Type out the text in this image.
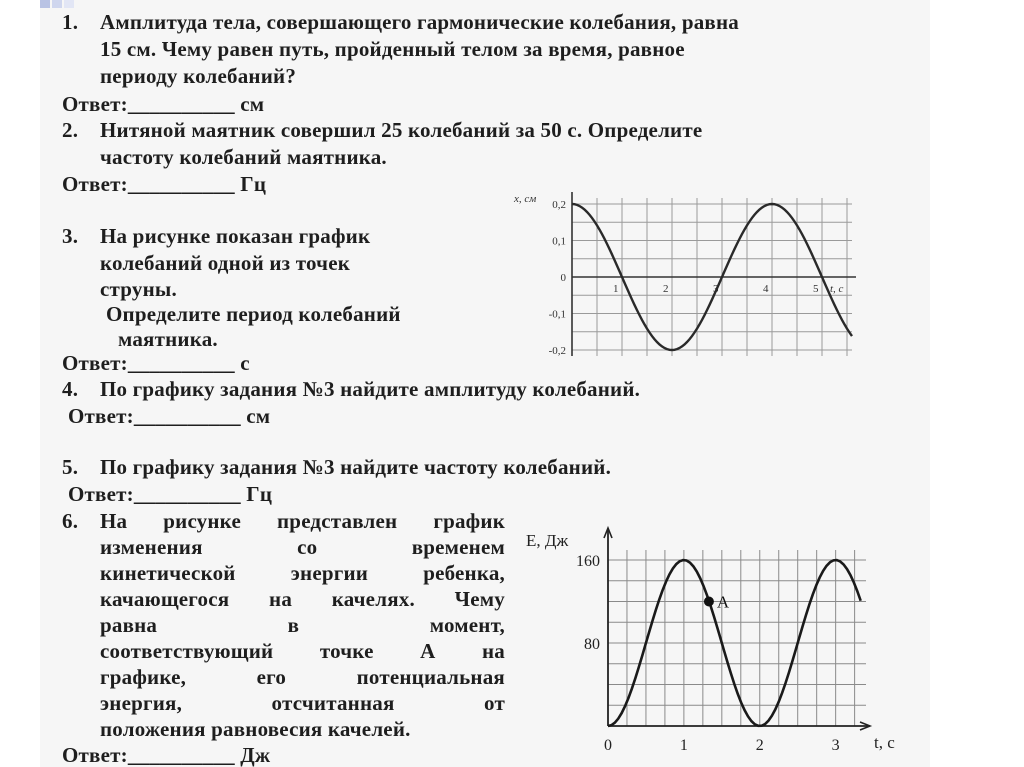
1. Амплитуда тела, совершающего гармонические колебания, равна
15 см. Чему равен путь, пройденный телом за время, равное
периоду колебаний?
Ответ:__________ см
2. Нитяной маятник совершил 25 колебаний за 50 с. Определите
частоту колебаний маятника.
Ответ:__________ Гц
3. На рисунке показан график
колебаний одной из точек
струны.
Определите период колебаний
маятника.
Ответ:__________ с
x, см
t, с
0,2
0,1
0
-0,1
-0,2
1	2	3	4	5
4. По графику задания №3 найдите амплитуду колебаний.
Ответ:__________ см
5. По графику задания №3 найдите частоту колебаний.
Ответ:__________ Гц
6. На рисунке представлен график
изменения со временем
кинетической энергии ребенка,
качающегося на качелях. Чему
равна в момент,
соответствующий точке А на
графике, его потенциальная
энергия, отсчитанная от
положения равновесия качелей.
Ответ:__________ Дж
Е, Дж
t, с
160
80
0	1	2	3
A
